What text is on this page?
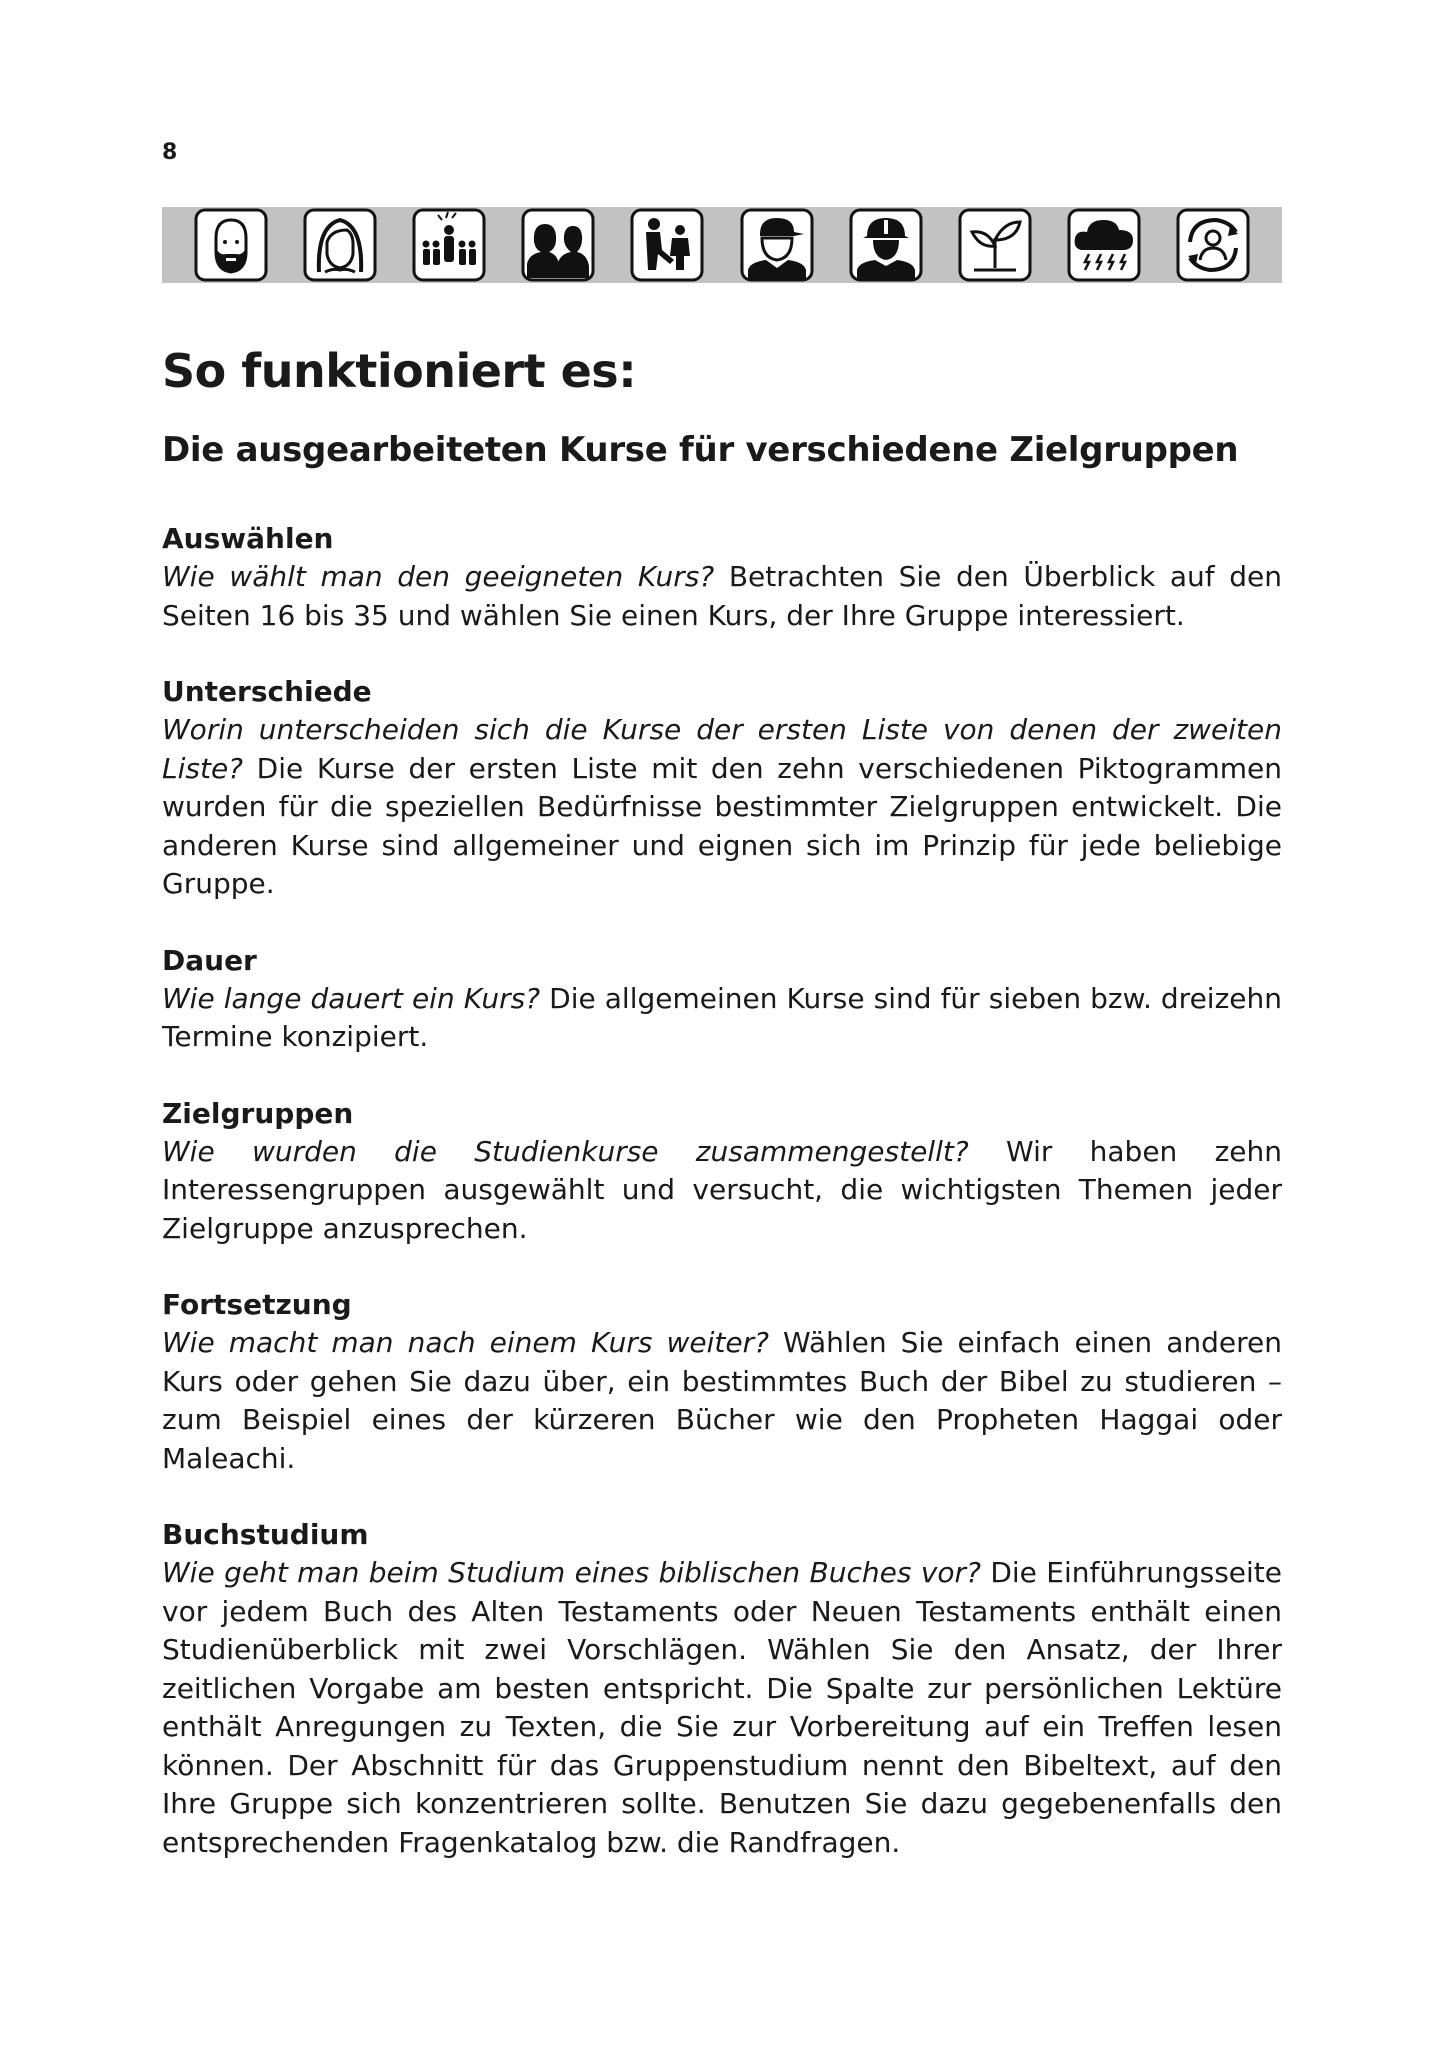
8
So funktioniert es:
Die ausgearbeiteten Kurse für verschiedene Zielgruppen

Auswählen

Wie wählt man den geeigneten Kurs? Betrachten Sie den Überblick auf den Seiten 16 bis 35 und wählen Sie einen Kurs, der Ihre Gruppe interessiert.

Unterschiede

Worin unterscheiden sich die Kurse der ersten Liste von denen der zweiten Liste? Die Kurse der ersten Liste mit den zehn verschiedenen Piktogrammen wurden für die speziellen Bedürfnisse bestimmter Zielgruppen entwickelt. Die anderen Kurse sind allgemeiner und eignen sich im Prinzip für jede beliebige Gruppe.

Dauer

Wie lange dauert ein Kurs? Die allgemeinen Kurse sind für sieben bzw. dreizehn Termine konzipiert.

Zielgruppen

Wie wurden die Studienkurse zusammengestellt? Wir haben zehn Interessengruppen ausgewählt und versucht, die wichtigsten Themen jeder Zielgruppe anzusprechen.

Fortsetzung

Wie macht man nach einem Kurs weiter? Wählen Sie einfach einen anderen Kurs oder gehen Sie dazu über, ein bestimmtes Buch der Bibel zu studieren – zum Beispiel eines der kürzeren Bücher wie den Propheten Haggai oder Maleachi.

Buchstudium

Wie geht man beim Studium eines biblischen Buches vor? Die Einführungsseite vor jedem Buch des Alten Testaments oder Neuen Testaments enthält einen Studienüberblick mit zwei Vorschlägen. Wählen Sie den Ansatz, der Ihrer zeitlichen Vorgabe am besten entspricht. Die Spalte zur persönlichen Lektüre enthält Anregungen zu Texten, die Sie zur Vorbereitung auf ein Treffen lesen können. Der Abschnitt für das Gruppenstudium nennt den Bibeltext, auf den Ihre Gruppe sich konzentrieren sollte. Benutzen Sie dazu gegebenenfalls den entsprechenden Fragenkatalog bzw. die Randfragen.
